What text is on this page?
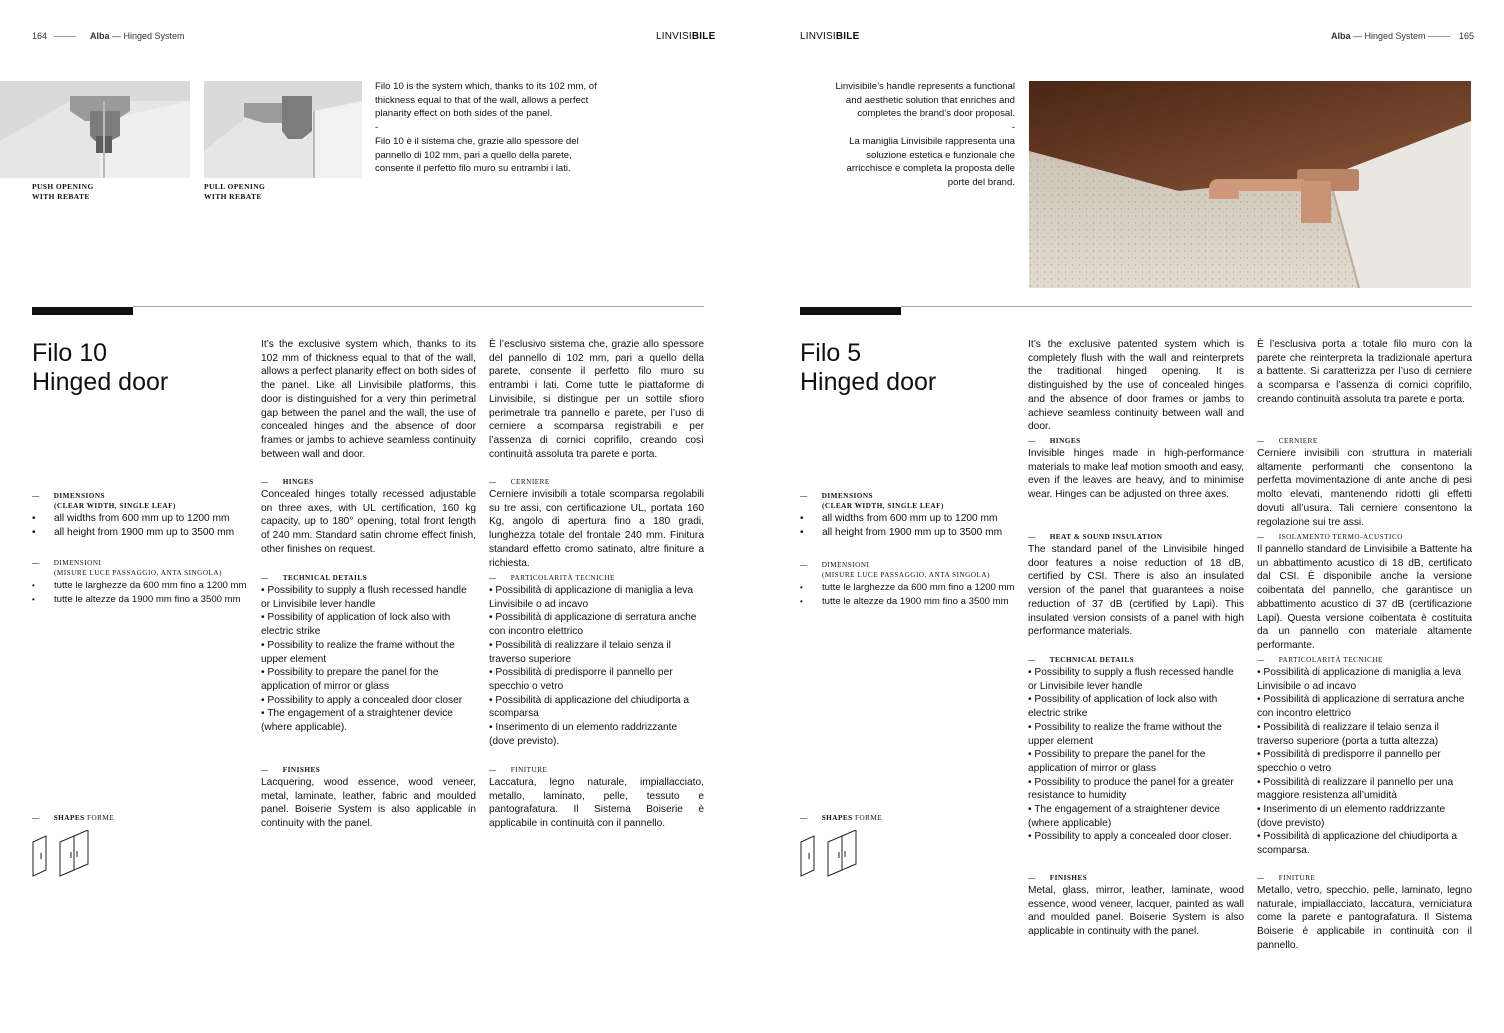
164	Alba — Hinged System	LINVISIBILE
PUSH OPENING
WITH REBATE
PULL OPENING
WITH REBATE
Filo 10 is the system which, thanks to its 102 mm, of thickness equal to that of the wall, allows a perfect planarity effect on both sides of the panel.
-
Filo 10 è il sistema che, grazie allo spessore del pannello di 102 mm, pari a quello della parete, consente il perfetto filo muro su entrambi i lati.
Filo 10
Hinged door
It’s the exclusive system which, thanks to its 102 mm of thickness equal to that of the wall, allows a perfect planarity effect on both sides of the panel. Like all Linvisibile platforms, this door is distinguished for a very thin perimetral gap between the panel and the wall, the use of concealed hinges and the absence of door frames or jambs to achieve seamless continuity between wall and door.
È l’esclusivo sistema che, grazie allo spessore del pannello di 102 mm, pari a quello della parete, consente il perfetto filo muro su entrambi i lati. Come tutte le piattaforme di Linvisibile, si distingue per un sottile sfioro perimetrale tra pannello e parete, per l’uso di cerniere a scomparsa registrabili e per l’assenza di cornici coprifilo, creando così continuità assoluta tra parete e porta.
— DIMENSIONS
(CLEAR WIDTH, SINGLE LEAF)
• all widths from 600 mm up to 1200 mm
• all height from 1900 mm up to 3500 mm
— DIMENSIONI
(MISURE LUCE PASSAGGIO, ANTA SINGOLA)
• tutte le larghezze da 600 mm fino a 1200 mm
• tutte le altezze da 1900 mm fino a 3500 mm
— HINGES
Concealed hinges totally recessed adjustable on three axes, with UL certification, 160 kg capacity, up to 180° opening, total front length of 240 mm. Standard satin chrome effect finish, other finishes on request.
— CERNIERE
Cerniere invisibili a totale scomparsa regolabili su tre assi, con certificazione UL, portata 160 Kg, angolo di apertura fino a 180 gradi, lunghezza totale del frontale 240 mm. Finitura standard effetto cromo satinato, altre finiture a richiesta.
— TECHNICAL DETAILS
• Possibility to supply a flush recessed handle or Linvisibile lever handle
• Possibility of application of lock also with electric strike
• Possibility to realize the frame without the upper element
• Possibility to prepare the panel for the application of mirror or glass
• Possibility to apply a concealed door closer
• The engagement of a straightener device (where applicable).
— PARTICOLARITÀ TECNICHE
• Possibilità di applicazione di maniglia a leva Linvisibile o ad incavo
• Possibilità di applicazione di serratura anche con incontro elettrico
• Possibilità di realizzare il telaio senza il traverso superiore
• Possibilità di predisporre il pannello per specchio o vetro
• Possibilità di applicazione del chiudiporta a scomparsa
• Inserimento di un elemento raddrizzante (dove previsto).
— FINISHES
Lacquering, wood essence, wood veneer, metal, laminate, leather, fabric and moulded panel. Boiserie System is also applicable in continuity with the panel.
— FINITURE
Laccatura, legno naturale, impiallacciato, metallo, laminato, pelle, tessuto e pantografatura. Il Sistema Boiserie è applicabile in continuità con il pannello.
— SHAPES FORME
LINVISIBILE	Alba — Hinged System	165
Linvisibile’s handle represents a functional and aesthetic solution that enriches and completes the brand’s door proposal.
-
La maniglia Linvisibile rappresenta una soluzione estetica e funzionale che arricchisce e completa la proposta delle porte del brand.
Filo 5
Hinged door
It’s the exclusive patented system which is completely flush with the wall and reinterprets the traditional hinged opening. It is distinguished by the use of concealed hinges and the absence of door frames or jambs to achieve seamless continuity between wall and door.
È l’esclusiva porta a totale filo muro con la parete che reinterpreta la tradizionale apertura a battente. Si caratterizza per l’uso di cerniere a scomparsa e l’assenza di cornici coprifilo, creando continuità assoluta tra parete e porta.
— DIMENSIONS
(CLEAR WIDTH, SINGLE LEAF)
• all widths from 600 mm up to 1200 mm
• all height from 1900 mm up to 3500 mm
— DIMENSIONI
(MISURE LUCE PASSAGGIO, ANTA SINGOLA)
• tutte le larghezze da 600 mm fino a 1200 mm
• tutte le altezze da 1900 mm fino a 3500 mm
— HINGES
Invisible hinges made in high-performance materials to make leaf motion smooth and easy, even if the leaves are heavy, and to minimise wear. Hinges can be adjusted on three axes.
— CERNIERE
Cerniere invisibili con struttura in materiali altamente performanti che consentono la perfetta movimentazione di ante anche di pesi molto elevati, mantenendo ridotti gli effetti dovuti all’usura. Tali cerniere consentono la regolazione sui tre assi.
— HEAT & SOUND INSULATION
The standard panel of the Linvisibile hinged door features a noise reduction of 18 dB, certified by CSI. There is also an insulated version of the panel that guarantees a noise reduction of 37 dB (certified by Lapi). This insulated version consists of a panel with high performance materials.
— ISOLAMENTO TERMO-ACUSTICO
Il pannello standard de Linvisibile a Battente ha un abbattimento acustico di 18 dB, certificato dal CSI. È disponibile anche la versione coibentata del pannello, che garantisce un abbattimento acustico di 37 dB (certificazione Lapi). Questa versione coibentata è costituita da un pannello con materiale altamente performante.
— TECHNICAL DETAILS
• Possibility to supply a flush recessed handle or Linvisibile lever handle
• Possibility of application of lock also with electric strike
• Possibility to realize the frame without the upper element
• Possibility to prepare the panel for the application of mirror or glass
• Possibility to produce the panel for a greater resistance to humidity
• The engagement of a straightener device (where applicable)
• Possibility to apply a concealed door closer.
— PARTICOLARITÀ TECNICHE
• Possibilità di applicazione di maniglia a leva Linvisibile o ad incavo
• Possibilità di applicazione di serratura anche con incontro elettrico
• Possibilità di realizzare il telaio senza il traverso superiore (porta a tutta altezza)
• Possibilità di predisporre il pannello per specchio o vetro
• Possibilità di realizzare il pannello per una maggiore resistenza all’umidità
• Inserimento di un elemento raddrizzante (dove previsto)
• Possibilità di applicazione del chiudiporta a scomparsa.
— FINISHES
Metal, glass, mirror, leather, laminate, wood essence, wood veneer, lacquer, painted as wall and moulded panel. Boiserie System is also applicable in continuity with the panel.
— FINITURE
Metallo, vetro, specchio, pelle, laminato, legno naturale, impiallacciato, laccatura, verniciatura come la parete e pantografatura. Il Sistema Boiserie è applicabile in continuità con il pannello.
— SHAPES FORME
